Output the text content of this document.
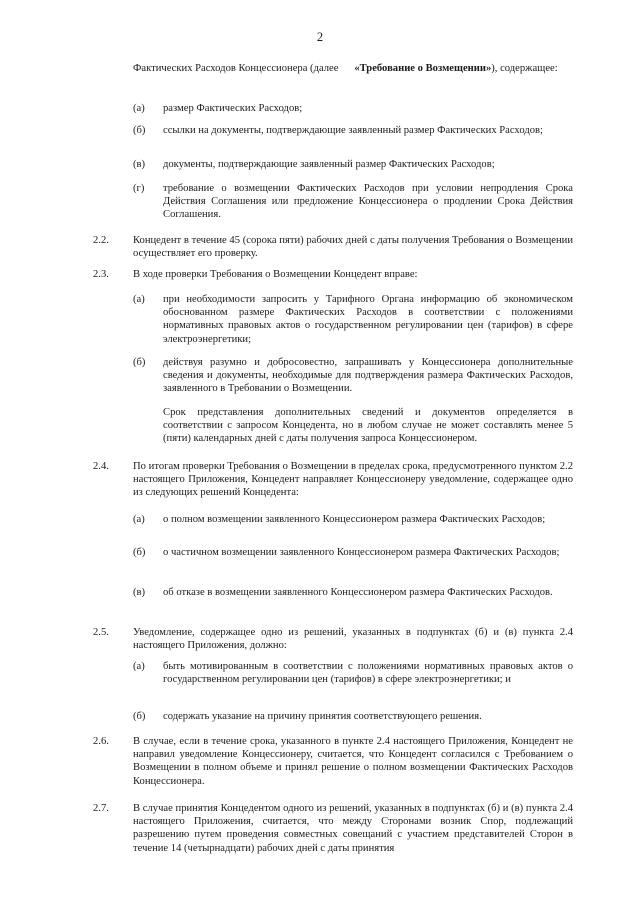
2
Фактических Расходов Концессионера (далее «Требование о Возмещении»), содержащее:
(а) размер Фактических Расходов;
(б) ссылки на документы, подтверждающие заявленный размер Фактических Расходов;
(в) документы, подтверждающие заявленный размер Фактических Расходов;
(г) требование о возмещении Фактических Расходов при условии непродления Срока Действия Соглашения или предложение Концессионера о продлении Срока Действия Соглашения.
2.2. Концедент в течение 45 (сорока пяти) рабочих дней с даты получения Требования о Возмещении осуществляет его проверку.
2.3. В ходе проверки Требования о Возмещении Концедент вправе:
(а) при необходимости запросить у Тарифного Органа информацию об экономическом обоснованном размере Фактических Расходов в соответствии с положениями нормативных правовых актов о государственном регулировании цен (тарифов) в сфере электроэнергетики;
(б) действуя разумно и добросовестно, запрашивать у Концессионера дополнительные сведения и документы, необходимые для подтверждения размера Фактических Расходов, заявленного в Требовании о Возмещении.
Срок представления дополнительных сведений и документов определяется в соответствии с запросом Концедента, но в любом случае не может составлять менее 5 (пяти) календарных дней с даты получения запроса Концессионером.
2.4. По итогам проверки Требования о Возмещении в пределах срока, предусмотренного пунктом 2.2 настоящего Приложения, Концедент направляет Концессионеру уведомление, содержащее одно из следующих решений Концедента:
(а) о полном возмещении заявленного Концессионером размера Фактических Расходов;
(б) о частичном возмещении заявленного Концессионером размера Фактических Расходов;
(в) об отказе в возмещении заявленного Концессионером размера Фактических Расходов.
2.5. Уведомление, содержащее одно из решений, указанных в подпунктах (б) и (в) пункта 2.4 настоящего Приложения, должно:
(а) быть мотивированным в соответствии с положениями нормативных правовых актов о государственном регулировании цен (тарифов) в сфере электроэнергетики; и
(б) содержать указание на причину принятия соответствующего решения.
2.6. В случае, если в течение срока, указанного в пункте 2.4 настоящего Приложения, Концедент не направил уведомление Концессионеру, считается, что Концедент согласился с Требованием о Возмещении в полном объеме и принял решение о полном возмещении Фактических Расходов Концессионера.
2.7. В случае принятия Концедентом одного из решений, указанных в подпунктах (б) и (в) пункта 2.4 настоящего Приложения, считается, что между Сторонами возник Спор, подлежащий разрешению путем проведения совместных совещаний с участием представителей Сторон в течение 14 (четырнадцати) рабочих дней с даты принятия
